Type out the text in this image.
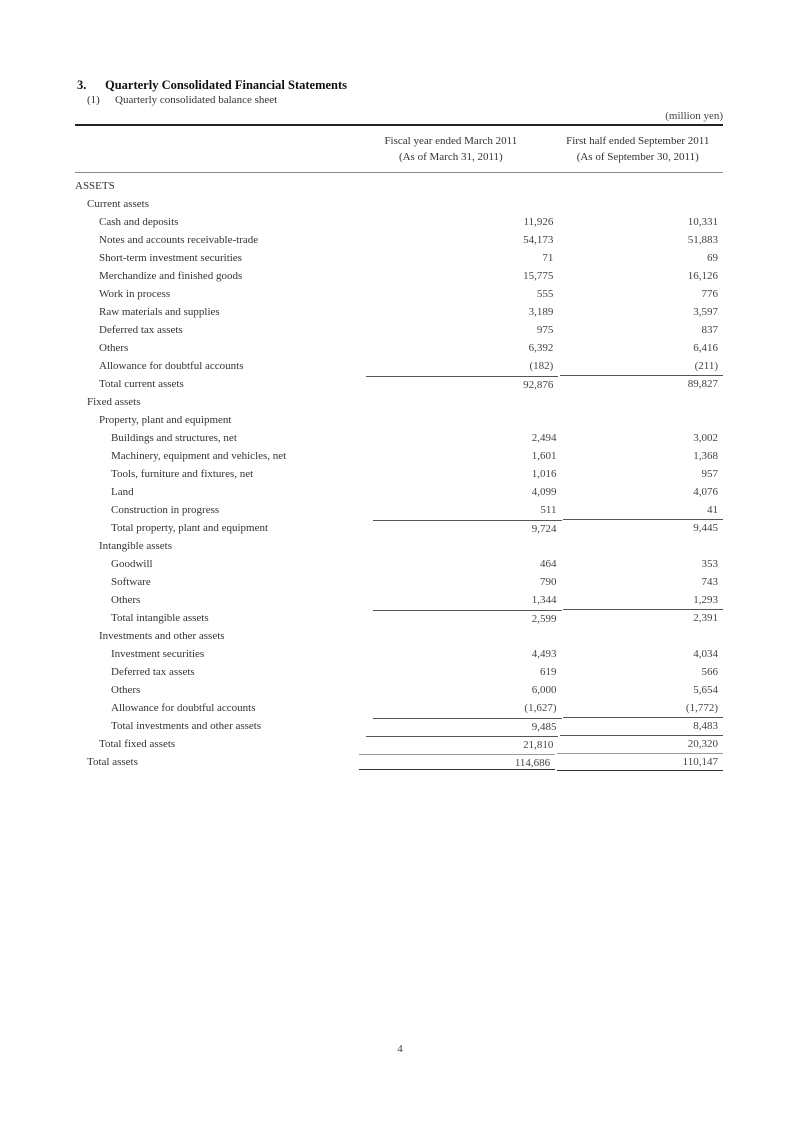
3. Quarterly Consolidated Financial Statements
(1) Quarterly consolidated balance sheet
(million yen)
Fiscal year ended March 2011
(As of March 31, 2011)
First half ended September 2011
(As of September 30, 2011)
ASSETS
Current assets
Cash and deposits	11,926	10,331
Notes and accounts receivable-trade	54,173	51,883
Short-term investment securities	71	69
Merchandize and finished goods	15,775	16,126
Work in process	555	776
Raw materials and supplies	3,189	3,597
Deferred tax assets	975	837
Others	6,392	6,416
Allowance for doubtful accounts	(182)	(211)
Total current assets	92,876	89,827
Fixed assets
Property, plant and equipment
Buildings and structures, net	2,494	3,002
Machinery, equipment and vehicles, net	1,601	1,368
Tools, furniture and fixtures, net	1,016	957
Land	4,099	4,076
Construction in progress	511	41
Total property, plant and equipment	9,724	9,445
Intangible assets
Goodwill	464	353
Software	790	743
Others	1,344	1,293
Total intangible assets	2,599	2,391
Investments and other assets
Investment securities	4,493	4,034
Deferred tax assets	619	566
Others	6,000	5,654
Allowance for doubtful accounts	(1,627)	(1,772)
Total investments and other assets	9,485	8,483
Total fixed assets	21,810	20,320
Total assets	114,686	110,147
4
